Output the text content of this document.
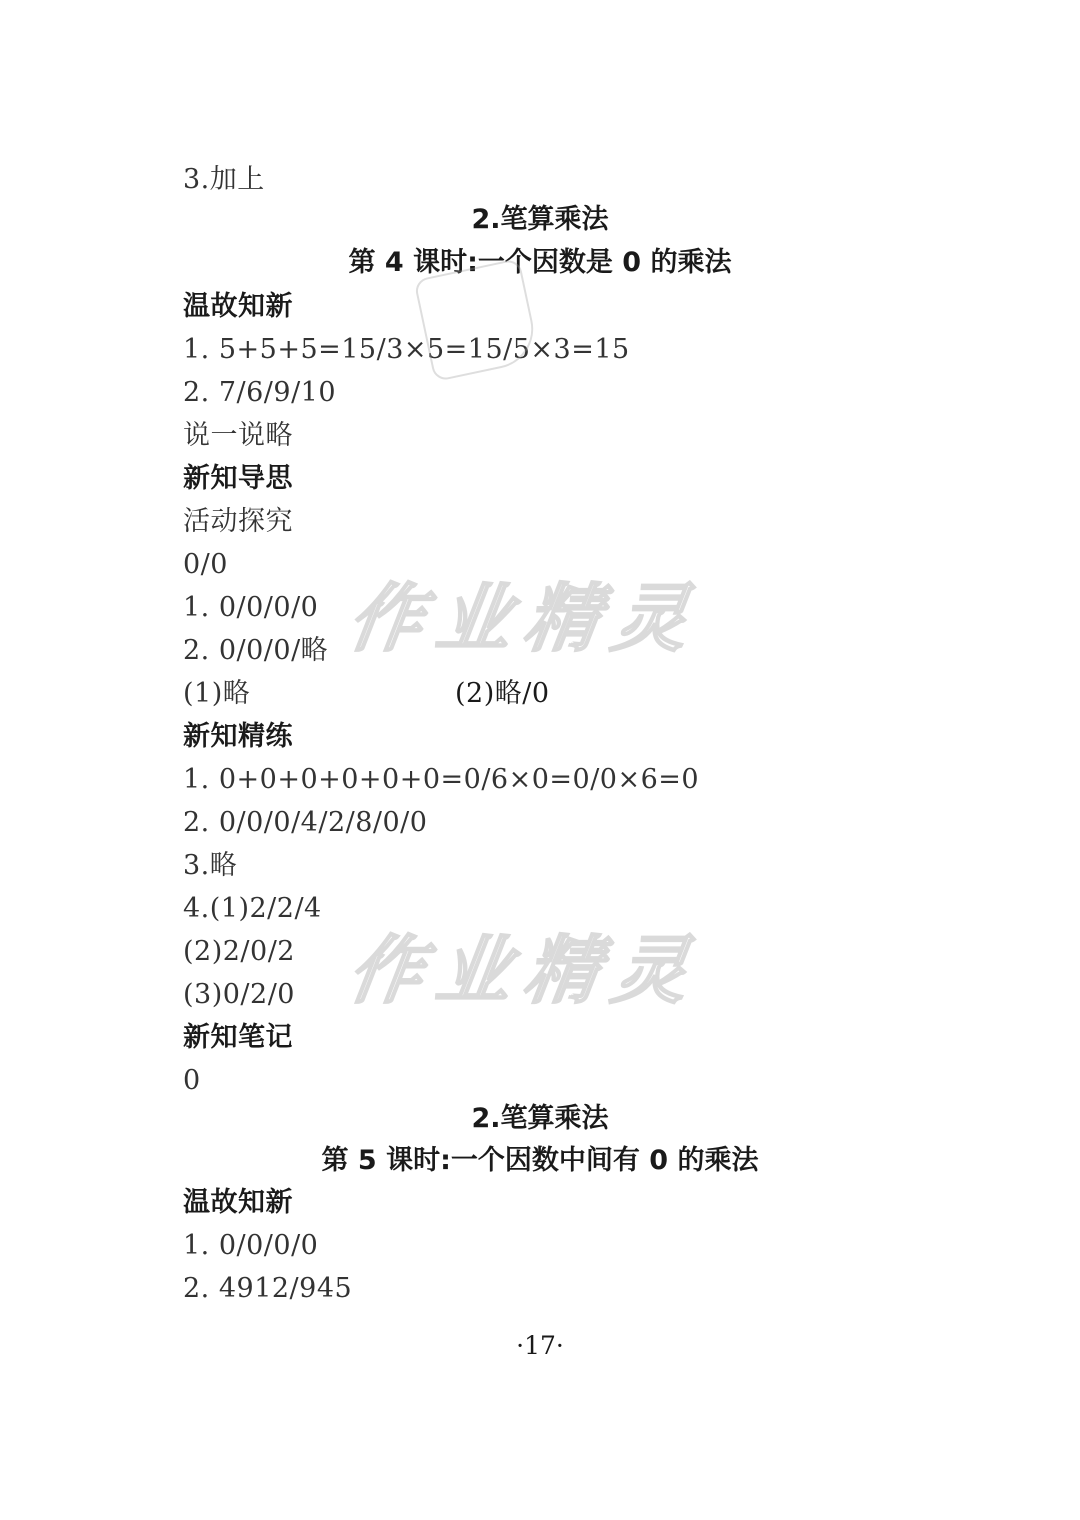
3.加上
温故知新
1. 5+5+5=15/3×5=15/5×3=15
2. 7/6/9/10
说一说略
新知导思
活动探究
0/0
1. 0/0/0/0
2. 0/0/0/略
(1)略
新知精练
1. 0+0+0+0+0+0=0/6×0=0/0×6=0
2. 0/0/0/4/2/8/0/0
3.略
4.(1)2/2/4
(2)2/0/2
(3)0/2/0
新知笔记
0
温故知新
1. 0/0/0/0
2. 4912/945
2.笔算乘法
第 4 课时:一个因数是 0 的乘法
2.笔算乘法
第 5 课时:一个因数中间有 0 的乘法
(2)略/0
作业精灵
作业精灵
·17·
